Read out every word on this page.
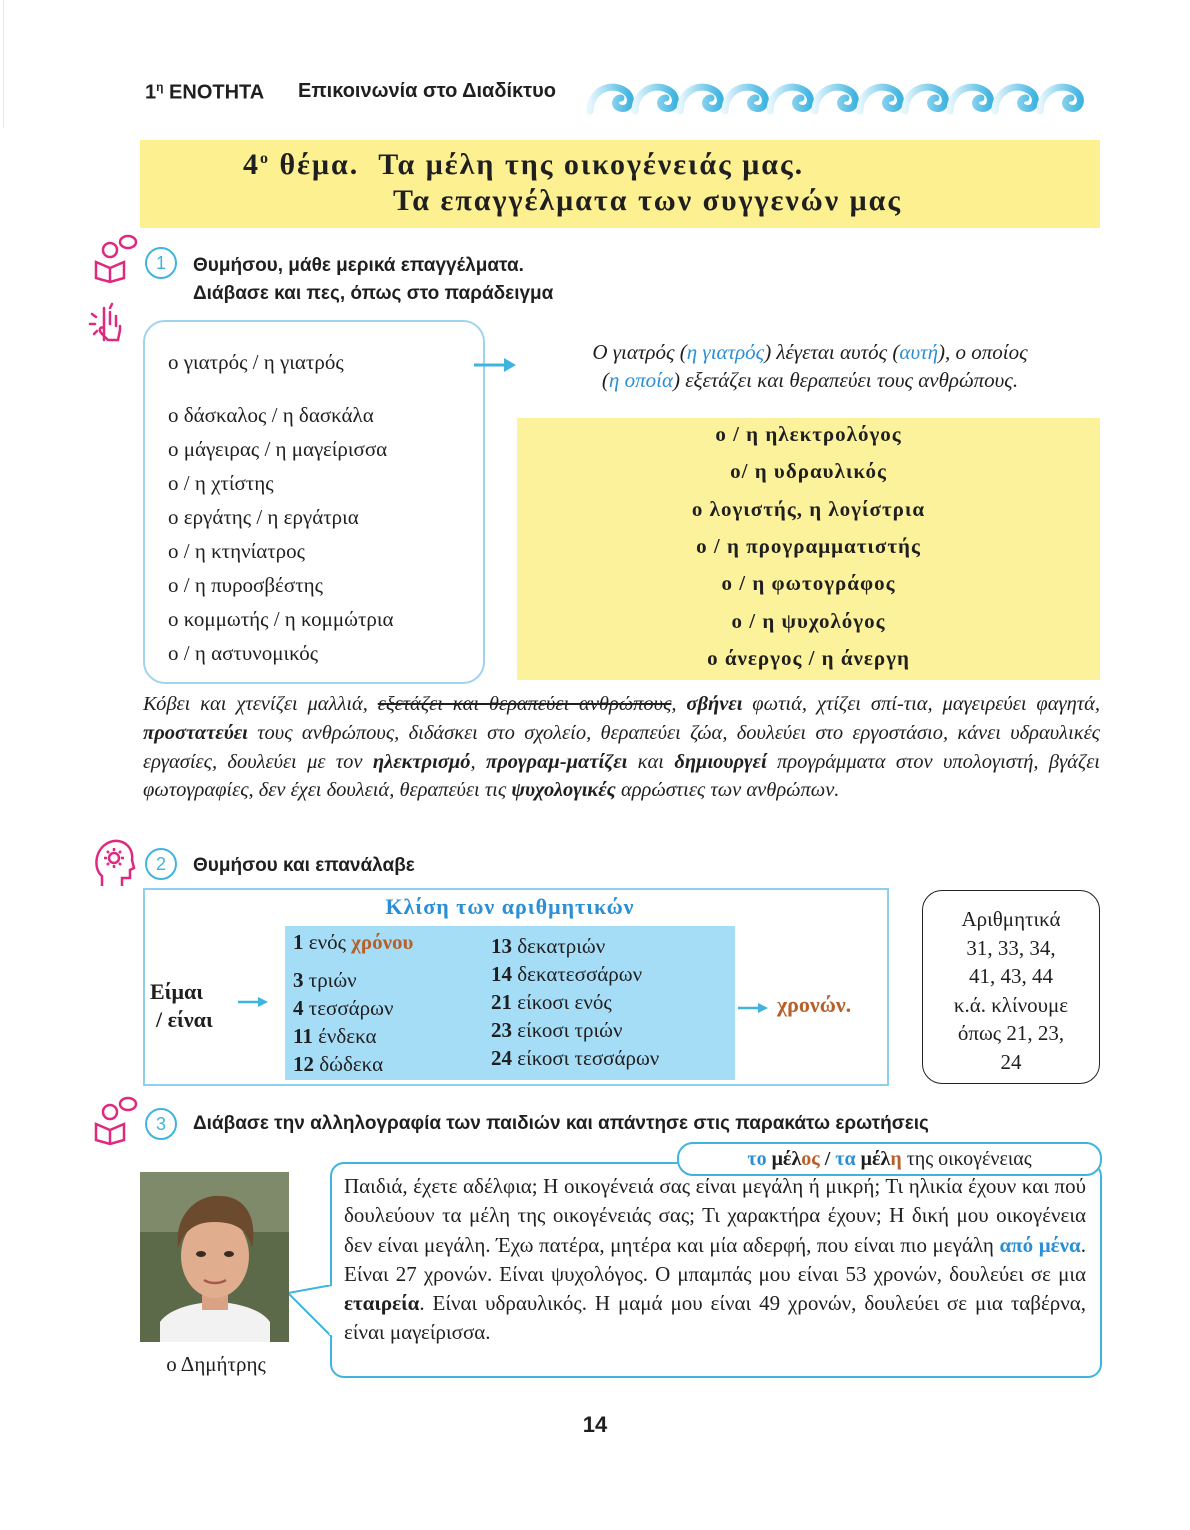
$1^\eta$ ΕΝΟΤΗΤΑ Επικοινωνία στο Διαδίκτυο
$4^o$ θέμα. Τα μέλη της οικογένειάς μας.
Τα επαγγέλματα των συγγενών μας
1	Θυμήσου, μάθε μερικά επαγγέλματα.
Διάβασε και πες, όπως στο παράδειγμα
ο γιατρός / η γιατρός
ο δάσκαλος / η δασκάλα
ο μάγειρας / η μαγείρισσα
ο / η χτίστης
ο εργάτης / η εργάτρια
ο / η κτηνίατρος
ο / η πυροσβέστης
ο κομμωτής / η κομμώτρια
ο / η αστυνομικός
Ο γιατρός (η γιατρός) λέγεται αυτός (αυτή), ο οποίος
(η οποία) εξετάζει και θεραπεύει τους ανθρώπους.
ο / η ηλεκτρολόγος
ο/ η υδραυλικός
ο λογιστής, η λογίστρια
ο / η προγραμματιστής
ο / η φωτογράφος
ο / η ψυχολόγος
ο άνεργος / η άνεργη
Κόβει και χτενίζει μαλλιά, εξετάζει και θεραπεύει ανθρώπους, σβήνει φωτιά, χτίζει σπί-τια, μαγειρεύει φαγητά, προστατεύει τους ανθρώπους, διδάσκει στο σχολείο, θεραπεύει ζώα, δουλεύει στο εργοστάσιο, κάνει υδραυλικές εργασίες, δουλεύει με τον ηλεκτρισμό, προγραμ-ματίζει και δημιουργεί προγράμματα στον υπολογιστή, βγάζει φωτογραφίες, δεν έχει δουλειά, θεραπεύει τις ψυχολογικές αρρώστιες των ανθρώπων.
2	Θυμήσου και επανάλαβε
Κλίση των αριθμητικών
1 ενός χρόνου
3 τριών
4 τεσσάρων
11 ένδεκα
12 δώδεκα
13 δεκατριών
14 δεκατεσσάρων
21 είκοσι ενός
23 είκοσι τριών
24 είκοσι τεσσάρων
Είμαι
/ είναι
χρονών.
Αριθμητικά
31, 33, 34,
41, 43, 44
κ.ά. κλίνουμε
όπως 21, 23,
24
3	Διάβασε την αλληλογραφία των παιδιών και απάντησε στις παρακάτω ερωτήσεις
το μέλος / τα μέλη της οικογένειας
Παιδιά, έχετε αδέλφια; Η οικογένειά σας είναι μεγάλη ή μικρή; Τι ηλικία έχουν και πού δουλεύουν τα μέλη της οικογένειάς σας; Τι χαρακτήρα έχουν; Η δική μου οικογένεια δεν είναι μεγάλη. Έχω πατέρα, μητέρα και μία αδερφή, που είναι πιο μεγάλη από μένα. Είναι 27 χρονών. Είναι ψυχολόγος. Ο μπαμπάς μου είναι 53 χρονών, δουλεύει σε μια εταιρεία. Είναι υδραυλικός. Η μαμά μου είναι 49 χρονών, δουλεύει σε μια ταβέρνα, είναι μαγείρισσα.
ο Δημήτρης
14
